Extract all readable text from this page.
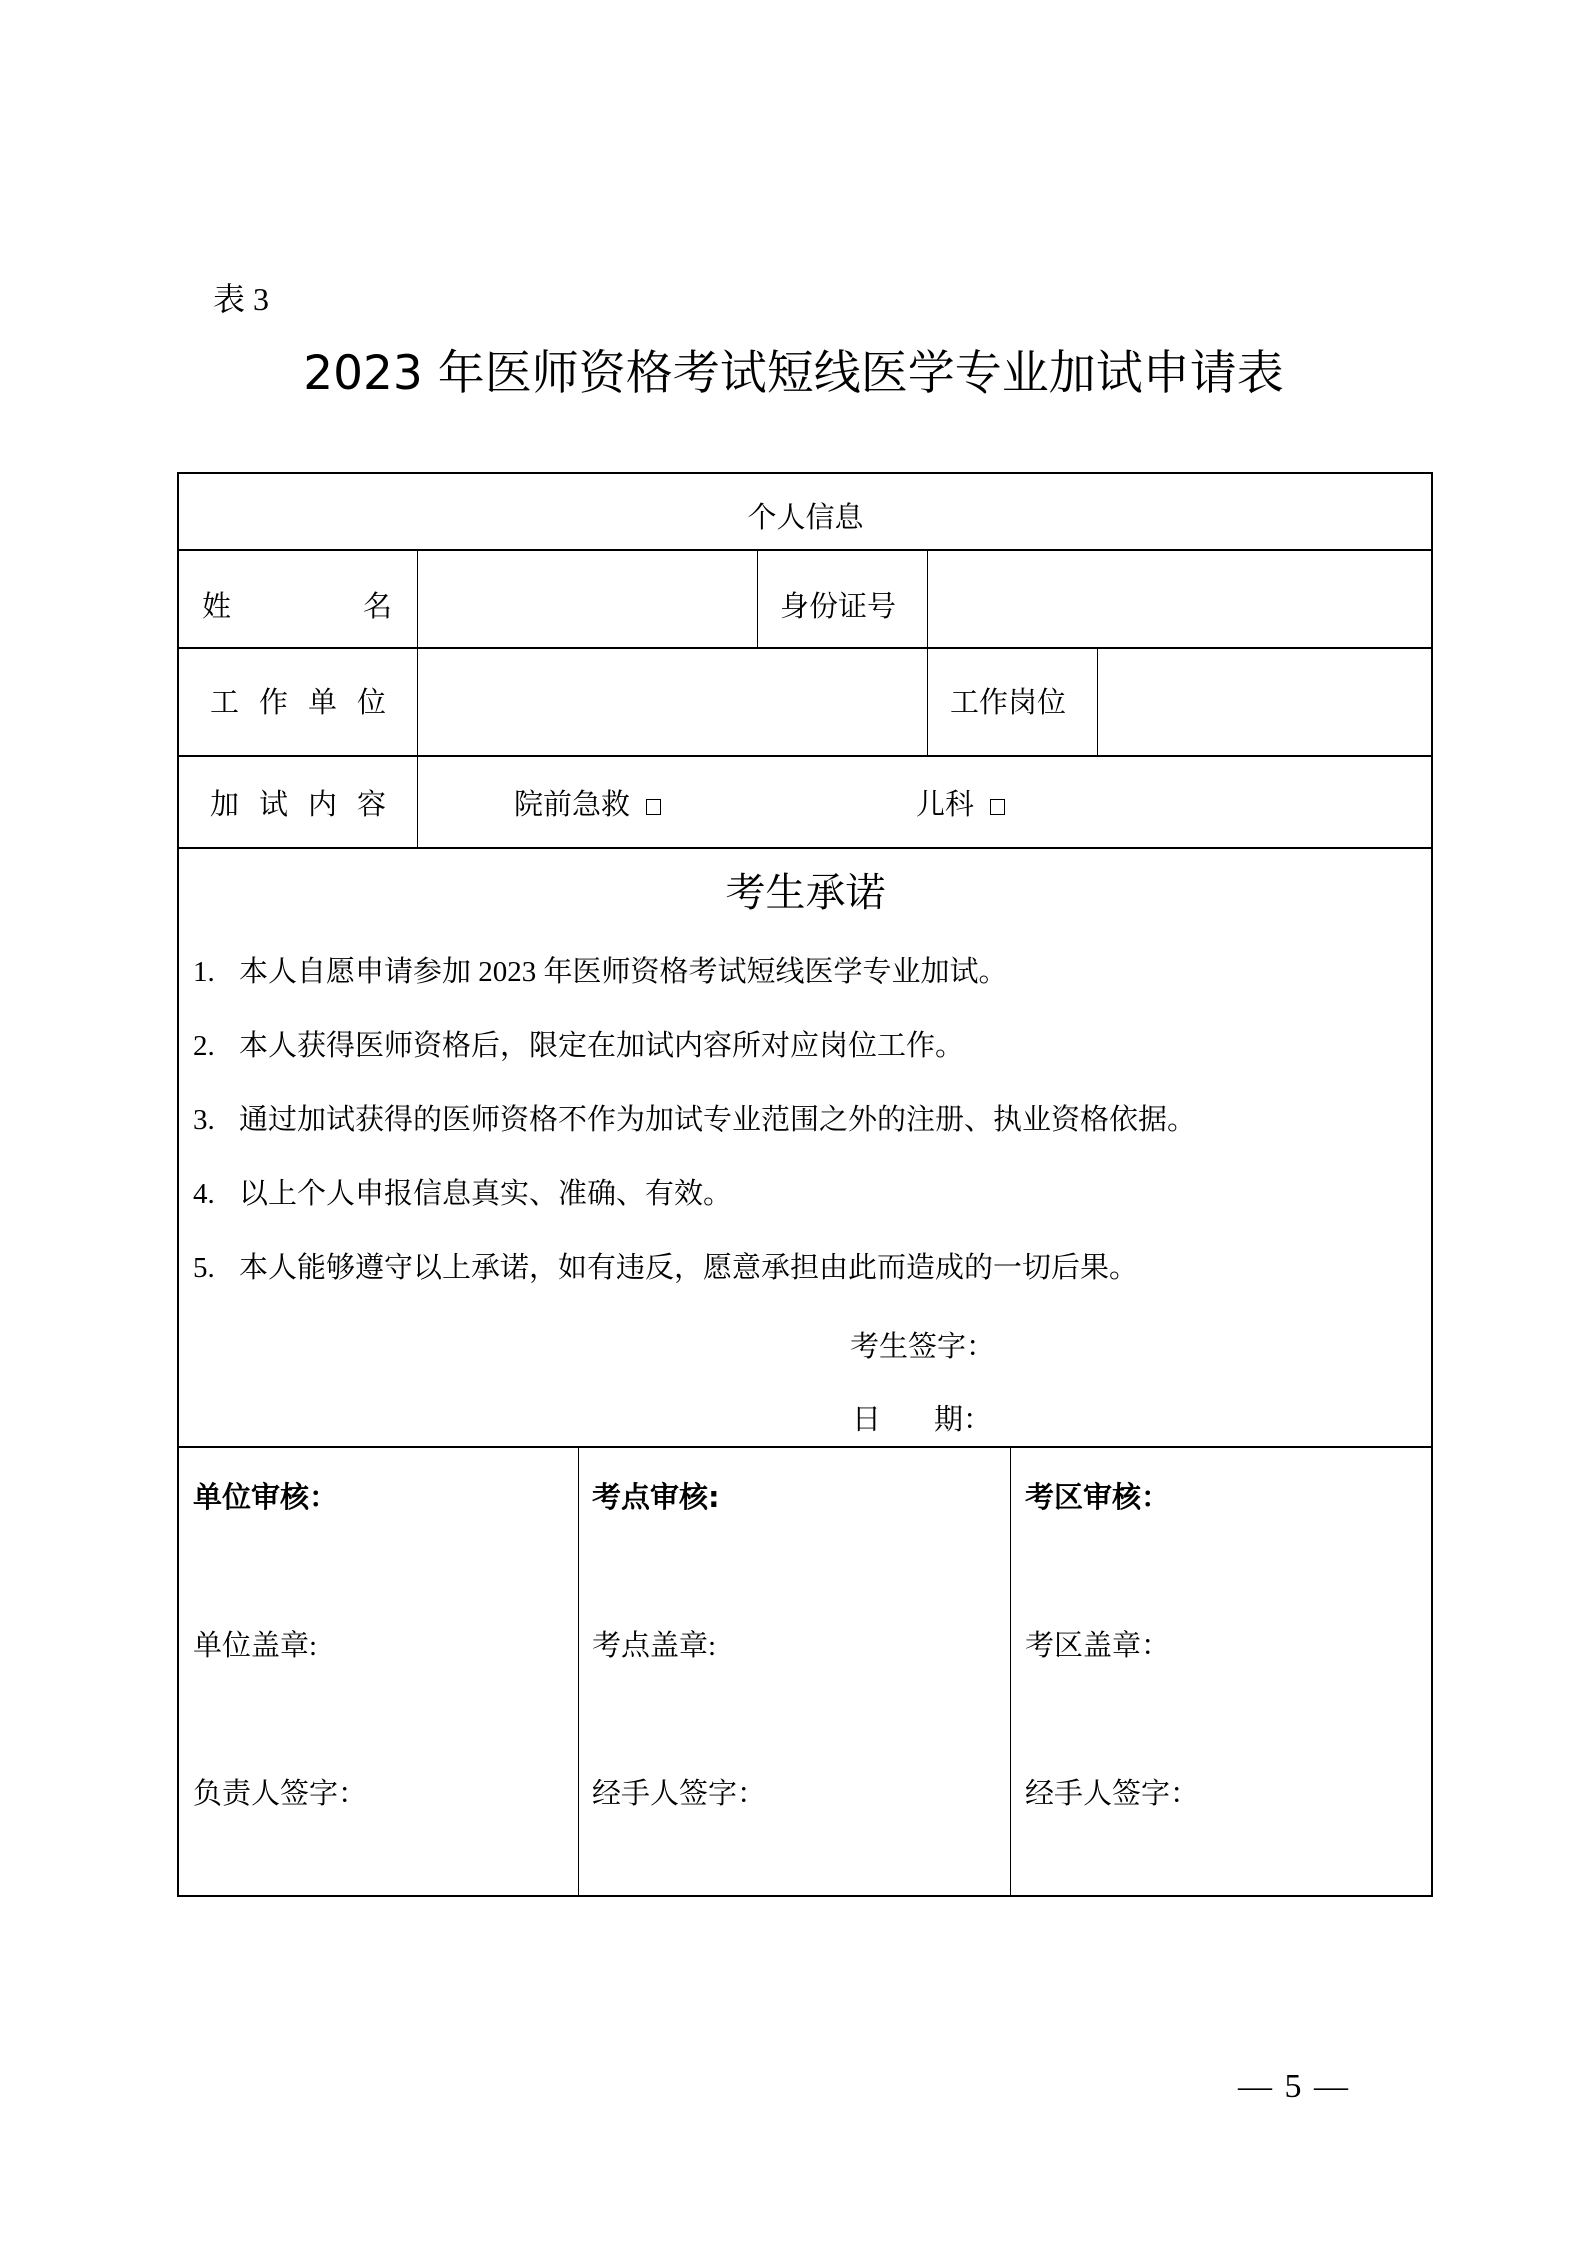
表 3
2023 年医师资格考试短线医学专业加试申请表
个人信息
姓	名	身份证号
工 作 单 位	工作岗位
加 试 内 容	院前急救	儿科
考生承诺
1. 本人自愿申请参加 2023 年医师资格考试短线医学专业加试。
2. 本人获得医师资格后，限定在加试内容所对应岗位工作。
3. 通过加试获得的医师资格不作为加试专业范围之外的注册、执业资格依据。
4. 以上个人申报信息真实、准确、有效。
5. 本人能够遵守以上承诺，如有违反，愿意承担由此而造成的一切后果。
考生签字：
日 期：
单位审核：	考点审核:	考区审核：
单位盖章:	考点盖章:	考区盖章：
负责人签字：	经手人签字：	经手人签字：
— 5 —
